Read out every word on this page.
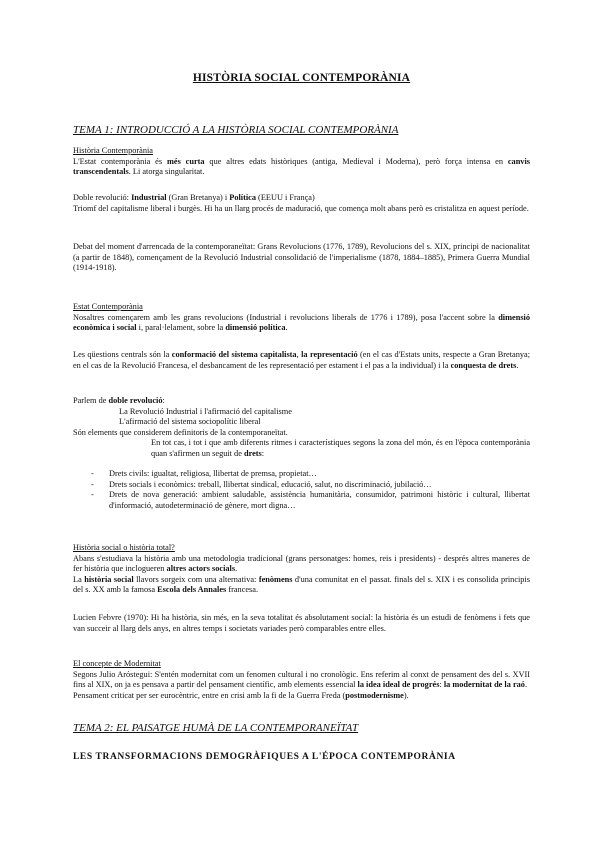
HISTÒRIA SOCIAL CONTEMPORÀNIA
TEMA 1: INTRODUCCIÓ A LA HISTÒRIA SOCIAL CONTEMPORÀNIA

Història Contemporània

L'Estat contemporània és més curta que altres edats històriques (antiga, Medieval i Moderna), però força intensa en canvis transcendentals. Li atorga singularitat.

Doble revolució: Industrial (Gran Bretanya) i Política (EEUU i França)

Triomf del capitalisme liberal i burgès. Hi ha un llarg procés de maduració, que comença molt abans però es cristalitza en aquest període.

Debat del moment d'arrencada de la contemporaneïtat: Grans Revolucions (1776, 1789), Revolucions del s. XIX, principi de nacionalitat (a partir de 1848), començament de la Revolució Industrial consolidació de l'imperialisme (1878, 1884–1885), Primera Guerra Mundial (1914-1918).

Estat Contemporània

Nosaltres començarem amb les grans revolucions (Industrial i revolucions liberals de 1776 i 1789), posa l'accent sobre la dimensió econòmica i social i, paral·lelament, sobre la dimensió política.

Les qüestions centrals són la conformació del sistema capitalista, la representació (en el cas d'Estats units, respecte a Gran Bretanya; en el cas de la Revolució Francesa, el desbancament de les representació per estament i el pas a la individual) i la conquesta de drets.

Parlem de doble revolució:

La Revolució Industrial i l'afirmació del capitalisme

L'afirmació del sistema sociopolític liberal

Són elements que considerem definitoris de la contemporaneïtat.

En tot cas, i tot i que amb diferents ritmes i característiques segons la zona del món, és en l'època contemporània quan s'afirmen un seguit de drets:

- Drets civils: igualtat, religiosa, llibertat de premsa, propietat…
- Drets socials i econòmics: treball, llibertat sindical, educació, salut, no discriminació, jubilació…
- Drets de nova generació: ambient saludable, assistència humanitària, consumidor, patrimoni històric i cultural, llibertat d'informació, autodeterminació de gènere, mort digna…

Història social o història total?

Abans s'estudiava la història amb una metodologia tradicional (grans personatges: homes, reis i presidents) - després altres maneres de fer història que inclogueren altres actors socials.

La història social llavors sorgeix com una alternativa: fenòmens d'una comunitat en el passat. finals del s. XIX i es consolida principis del s. XX amb la famosa Escola dels Annales francesa.

Lucien Febvre (1970): Hi ha història, sin més, en la seva totalitat és absolutament social: la història és un estudi de fenòmens i fets que van succeir al llarg dels anys, en altres temps i societats variades però comparables entre elles.

El concepte de Modernitat

Segons Julio Aróstegui: S'entén modernitat com un fenomen cultural i no cronològic. Ens referim al conxt de pensament des del s. XVII fins al XIX, on ja es pensava a partir del pensament científic, amb elements essencial la idea ideal de progrés: la modernitat de la raó.

Pensament criticat per ser eurocèntric, entre en crisi amb la fi de la Guerra Freda (postmodernisme).

TEMA 2: EL PAISATGE HUMÀ DE LA CONTEMPORANEÏTAT
LES TRANSFORMACIONS DEMOGRÀFIQUES A L'ÉPOCA CONTEMPORÀNIA
